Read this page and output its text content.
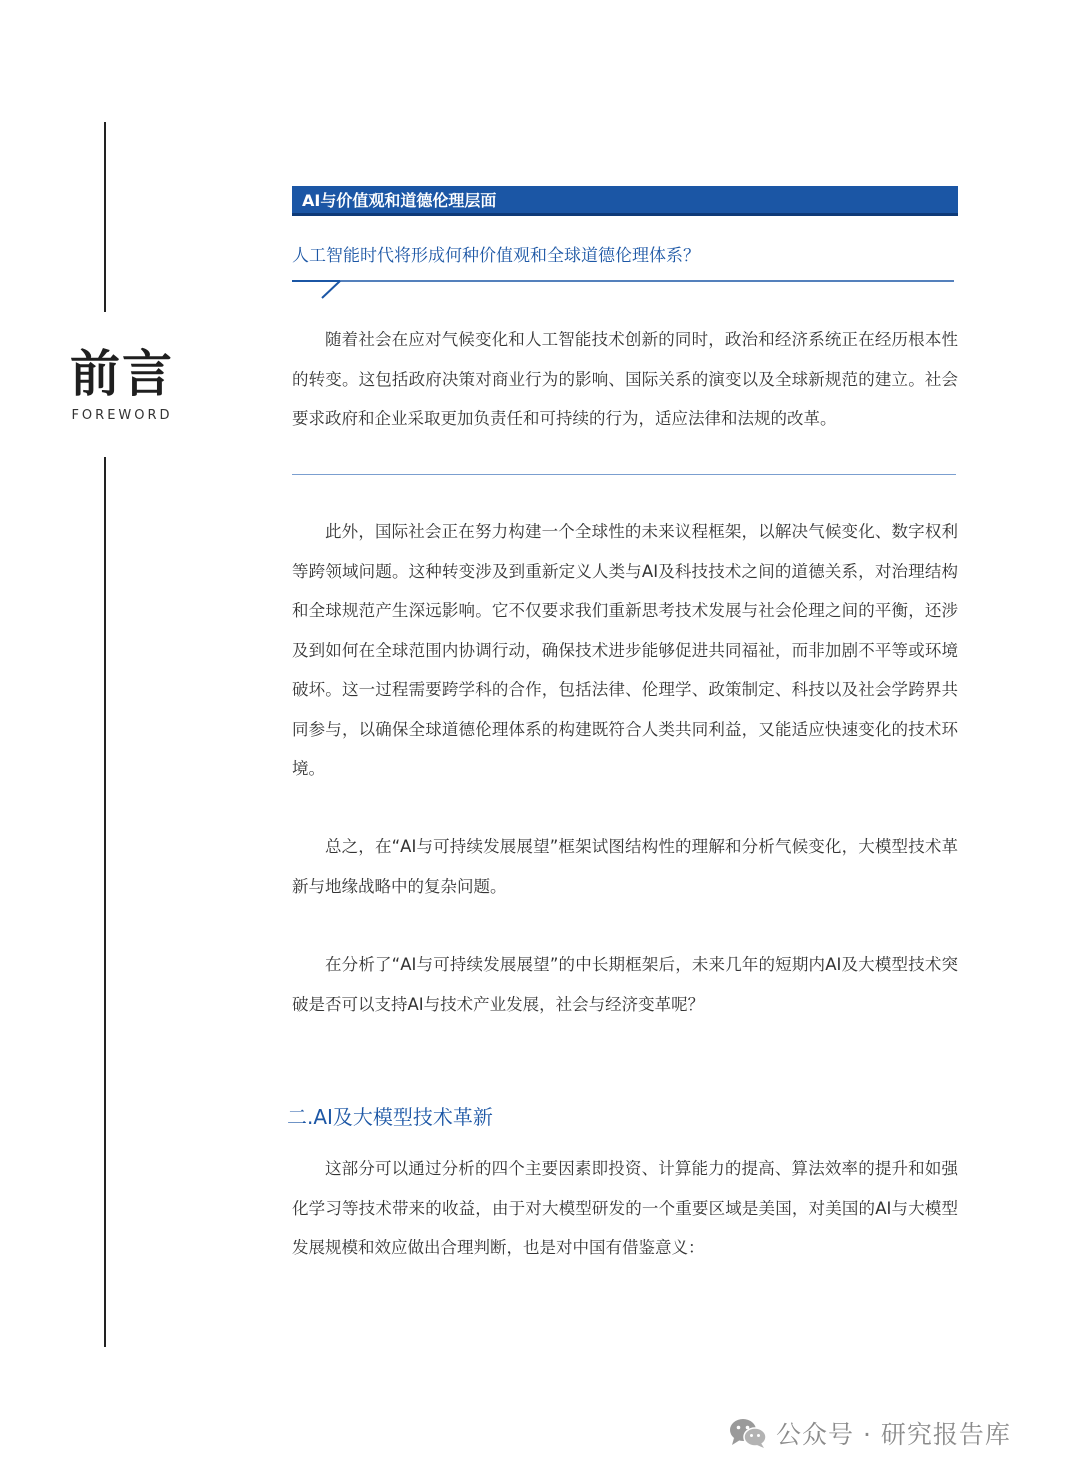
前言
FOREWORD
AI与价值观和道德伦理层面
人工智能时代将形成何种价值观和全球道德伦理体系？

随着社会在应对气候变化和人工智能技术创新的同时，政治和经济系统正在经历根本性的转变。这包括政府决策对商业行为的影响、国际关系的演变以及全球新规范的建立。社会要求政府和企业采取更加负责任和可持续的行为，适应法律和法规的改革。

此外，国际社会正在努力构建一个全球性的未来议程框架，以解决气候变化、数字权利等跨领域问题。这种转变涉及到重新定义人类与AI及科技技术之间的道德关系，对治理结构和全球规范产生深远影响。它不仅要求我们重新思考技术发展与社会伦理之间的平衡，还涉及到如何在全球范围内协调行动，确保技术进步能够促进共同福祉，而非加剧不平等或环境破坏。这一过程需要跨学科的合作，包括法律、伦理学、政策制定、科技以及社会学跨界共同参与，以确保全球道德伦理体系的构建既符合人类共同利益，又能适应快速变化的技术环境。

总之，在“AI与可持续发展展望”框架试图结构性的理解和分析气候变化，大模型技术革新与地缘战略中的复杂问题。

在分析了“AI与可持续发展展望”的中长期框架后，未来几年的短期内AI及大模型技术突破是否可以支持AI与技术产业发展，社会与经济变革呢？

二.AI及大模型技术革新

这部分可以通过分析的四个主要因素即投资、计算能力的提高、算法效率的提升和如强化学习等技术带来的收益，由于对大模型研发的一个重要区域是美国，对美国的AI与大模型发展规模和效应做出合理判断，也是对中国有借鉴意义：

公众号 · 研究报告库
